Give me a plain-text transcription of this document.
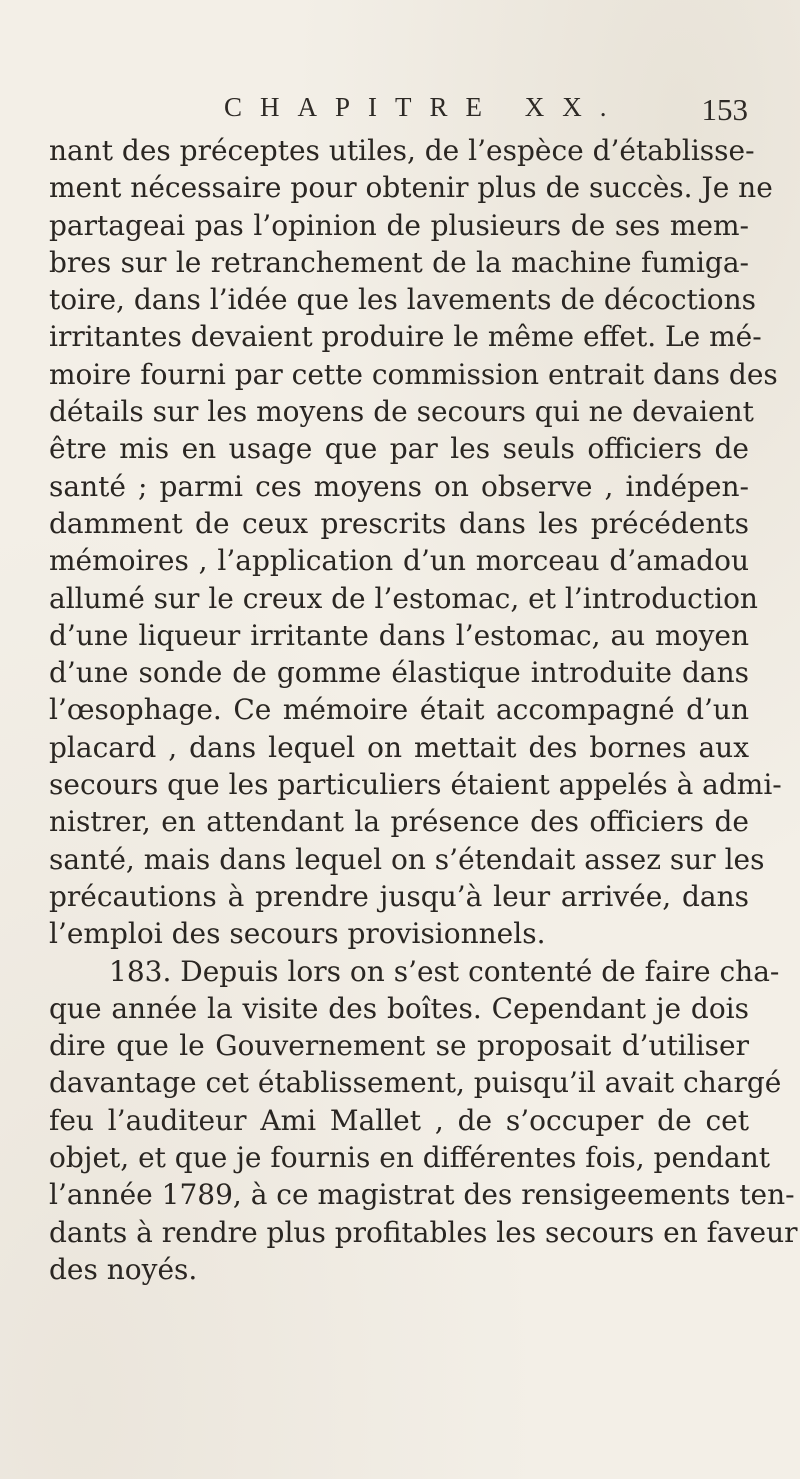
CHAPITRE XX. 153
nant des préceptes utiles, de l’espèce d’établisse-
ment nécessaire pour obtenir plus de succès. Je ne
partageai pas l’opinion de plusieurs de ses mem-
bres sur le retranchement de la machine fumiga-
toire, dans l’idée que les lavements de décoctions
irritantes devaient produire le même effet. Le mé-
moire fourni par cette commission entrait dans des
détails sur les moyens de secours qui ne devaient
être mis en usage que par les seuls officiers de
santé ; parmi ces moyens on observe , indépen-
damment de ceux prescrits dans les précédents
mémoires , l’application d’un morceau d’amadou
allumé sur le creux de l’estomac, et l’introduction
d’une liqueur irritante dans l’estomac, au moyen
d’une sonde de gomme élastique introduite dans
l’œsophage. Ce mémoire était accompagné d’un
placard , dans lequel on mettait des bornes aux
secours que les particuliers étaient appelés à admi-
nistrer, en attendant la présence des officiers de
santé, mais dans lequel on s’étendait assez sur les
précautions à prendre jusqu’à leur arrivée, dans
l’emploi des secours provisionnels.
183. Depuis lors on s’est contenté de faire cha-
que année la visite des boîtes. Cependant je dois
dire que le Gouvernement se proposait d’utiliser
davantage cet établissement, puisqu’il avait chargé
feu l’auditeur Ami Mallet , de s’occuper de cet
objet, et que je fournis en différentes fois, pendant
l’année 1789, à ce magistrat des rensigeements ten-
dants à rendre plus profitables les secours en faveur
des noyés.
